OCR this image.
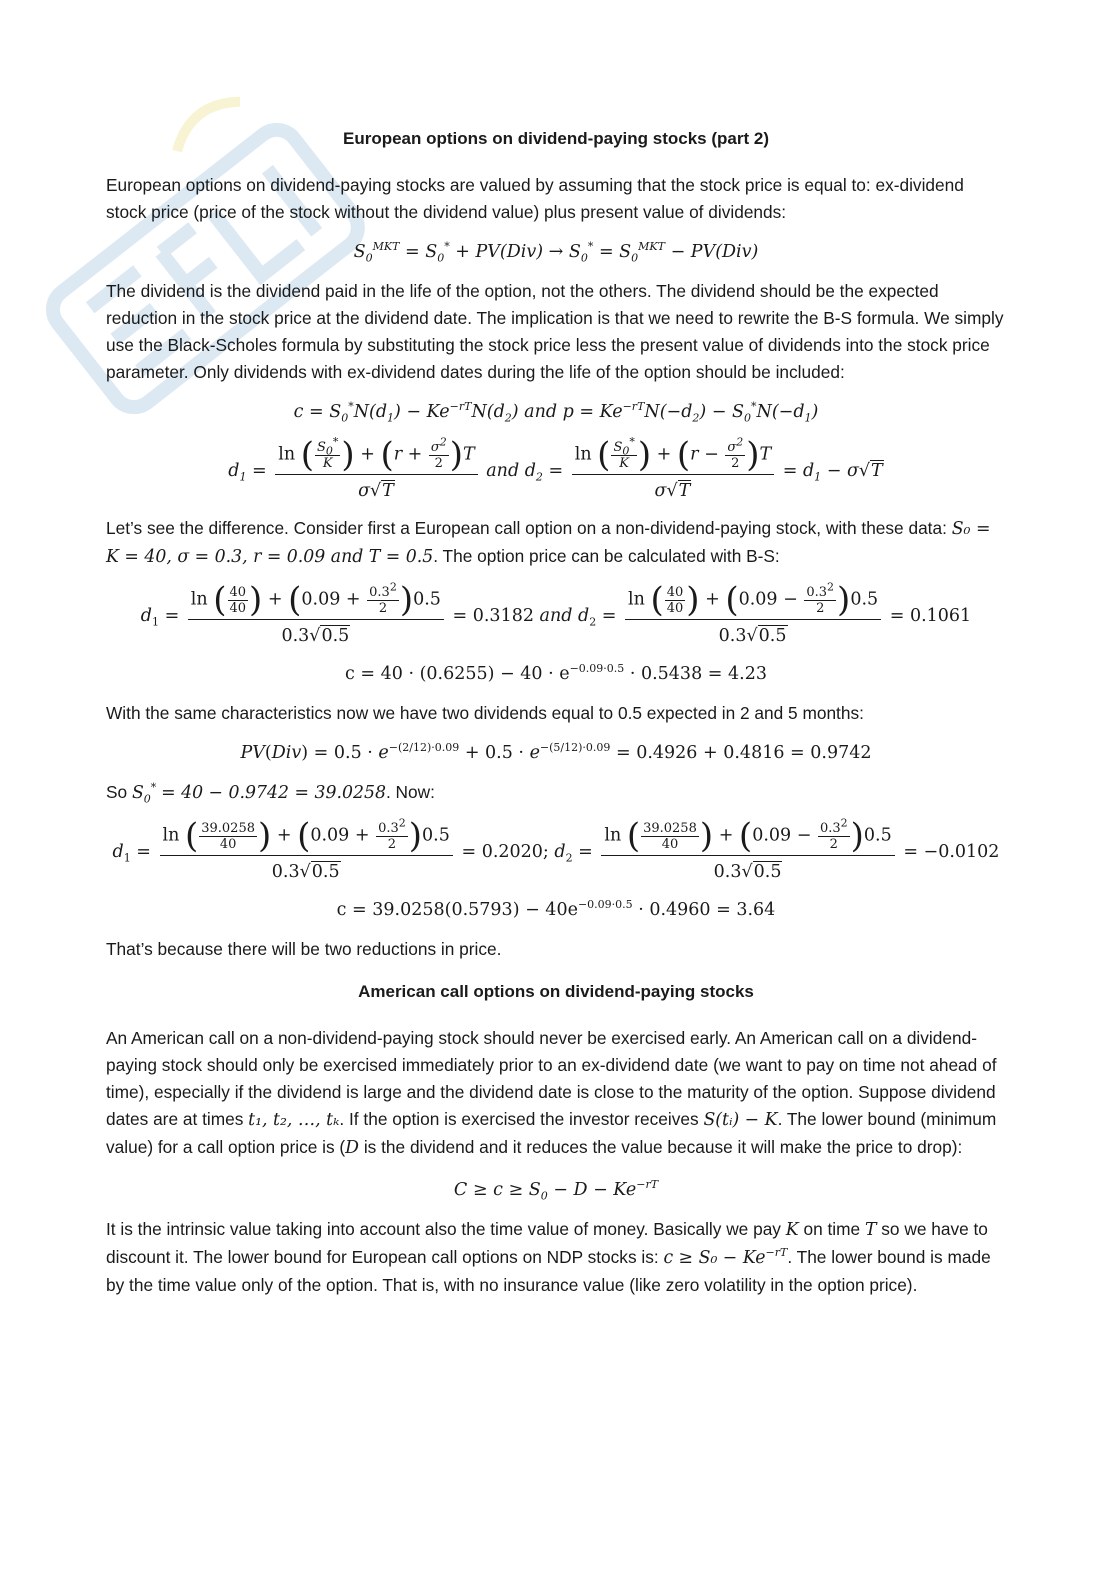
European options on dividend-paying stocks (part 2)

European options on dividend-paying stocks are valued by assuming that the stock price is equal to: ex-dividend stock price (price of the stock without the dividend value) plus present value of dividends:

$S_0^{MKT} = S_0^* + PV(Div) \to S_0^* = S_0^{MKT} - PV(Div)$

The dividend is the dividend paid in the life of the option, not the others. The dividend should be the expected reduction in the stock price at the dividend date. The implication is that we need to rewrite the B-S formula. We simply use the Black-Scholes formula by substituting the stock price less the present value of dividends into the stock price parameter. Only dividends with ex-dividend dates during the life of the option should be included:

$c = S_0^*N(d_1) - Ke^{-rT}N(d_2)$ and $p = Ke^{-rT}N(-d_2) - S_0^*N(-d_1)$
$d_1 = \frac{\ln ( \frac{S_0^*}{K} ) + (r + \frac{\sigma^2}{2} )T}{\sigma√T}$ and $d_2 = \frac{\ln ( \frac{S_0^*}{K} ) + (r - \frac{\sigma^2}{2} )T}{\sigma√T} = d_1 - \sigma√T$

Let’s see the difference. Consider first a European call option on a non-dividend-paying stock, with these data: S₀ = K = 40, σ = 0.3, r = 0.09 and T = 0.5. The option price can be calculated with B-S:

$d_1 = \frac{\ln ( \frac{40}{40} ) + (0.09 + \frac{0.3^2}{2} )0.5}{0.3√0.5} = 0.3182$ and $d_2 = \frac{\ln ( \frac{40}{40} ) + (0.09 - \frac{0.3^2}{2} )0.5}{0.3√0.5} = 0.1061$
$c = 40 \cdot (0.6255) - 40 \cdot e^{-0.09\cdot 0.5} \cdot 0.5438 = 4.23$

With the same characteristics now we have two dividends equal to 0.5 expected in 2 and 5 months:

$PV(Div) = 0.5 \cdot e^{-(2/12)\cdot 0.09} + 0.5 \cdot e^{-(5/12)\cdot 0.09} = 0.4926 + 0.4816 = 0.9742$

So $S_0^* = 40 - 0.9742 = 39.0258$. Now:

$d_1 = \frac{\ln ( \frac{39.0258}{40} ) + (0.09 + \frac{0.3^2}{2} )0.5}{0.3√0.5} = 0.2020$; $d_2 = \frac{\ln ( \frac{39.0258}{40} ) + (0.09 - \frac{0.3^2}{2} )0.5}{0.3√0.5} = -0.0102$
$c = 39.0258(0.5793) - 40e^{-0.09\cdot 0.5} \cdot 0.4960 = 3.64$

That’s because there will be two reductions in price.

American call options on dividend-paying stocks

An American call on a non-dividend-paying stock should never be exercised early. An American call on a dividend-paying stock should only be exercised immediately prior to an ex-dividend date (we want to pay on time not ahead of time), especially if the dividend is large and the dividend date is close to the maturity of the option. Suppose dividend dates are at times t₁, t₂, …, tₖ. If the option is exercised the investor receives S(tᵢ) − K. The lower bound (minimum value) for a call option price is (D is the dividend and it reduces the value because it will make the price to drop):

$C \ge c \ge S_0 - D - Ke^{-rT}$

It is the intrinsic value taking into account also the time value of money. Basically we pay K on time T so we have to discount it. The lower bound for European call options on NDP stocks is: $c \ge S_0 - Ke^{-rT}$. The lower bound is made by the time value only of the option. That is, with no insurance value (like zero volatility in the option price).
